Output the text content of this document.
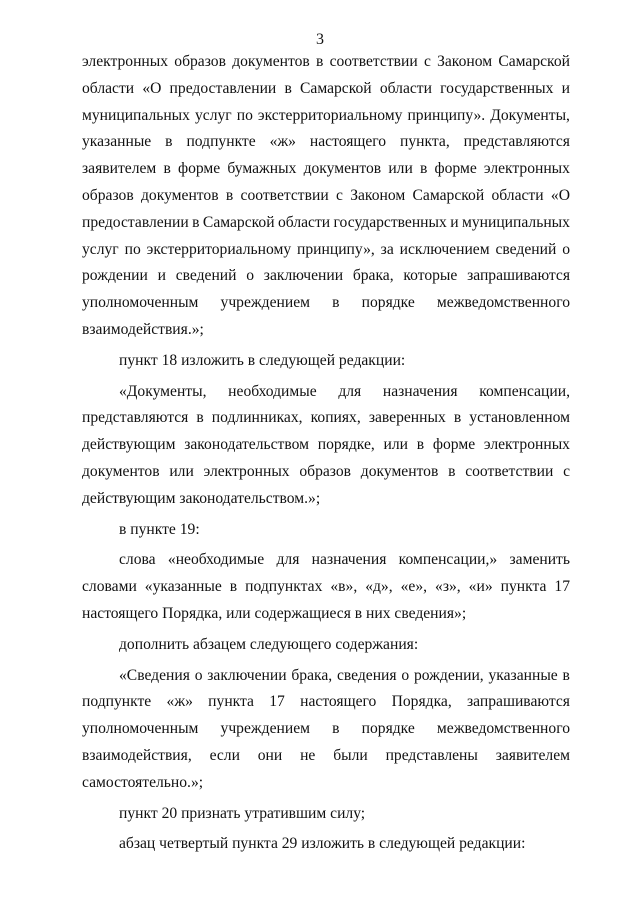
3
электронных образов документов в соответствии с Законом Самарской
области «О предоставлении в Самарской области государственных и
муниципальных услуг по экстерриториальному принципу». Документы,
указанные в подпункте «ж» настоящего пункта, представляются
заявителем в форме бумажных документов или в форме электронных
образов документов в соответствии с Законом Самарской области «О
предоставлении в Самарской области государственных и муниципальных
услуг по экстерриториальному принципу», за исключением сведений о
рождении и сведений о заключении брака, которые запрашиваются
уполномоченным учреждением в порядке межведомственного
взаимодействия.»;
пункт 18 изложить в следующей редакции:
«Документы, необходимые для назначения компенсации,
представляются в подлинниках, копиях, заверенных в установленном
действующим законодательством порядке, или в форме электронных
документов или электронных образов документов в соответствии с
действующим законодательством.»;
в пункте 19:
слова «необходимые для назначения компенсации,» заменить
словами «указанные в подпунктах «в», «д», «е», «з», «и» пункта 17
настоящего Порядка, или содержащиеся в них сведения»;
дополнить абзацем следующего содержания:
«Сведения о заключении брака, сведения о рождении, указанные в
подпункте «ж» пункта 17 настоящего Порядка, запрашиваются
уполномоченным учреждением в порядке межведомственного
взаимодействия, если они не были представлены заявителем
самостоятельно.»;
пункт 20 признать утратившим силу;
абзац четвертый пункта 29 изложить в следующей редакции:
